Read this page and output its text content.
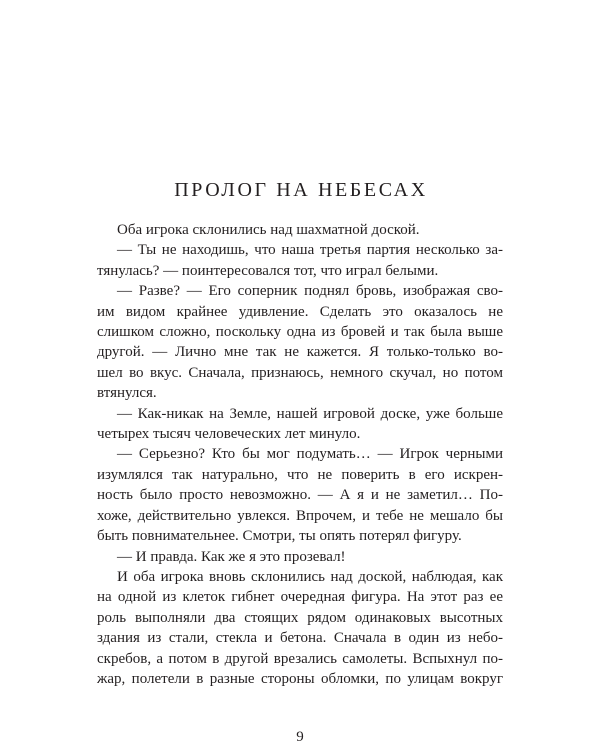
ПРОЛОГ НА НЕБЕСАХ
Оба игрока склонились над шахматной доской.
— Ты не находишь, что наша третья партия несколько за-
тянулась? — поинтересовался тот, что играл белыми.
— Разве? — Его соперник поднял бровь, изображая сво-
им видом крайнее удивление. Сделать это оказалось не
слишком сложно, поскольку одна из бровей и так была выше
другой. — Лично мне так не кажется. Я только-только во-
шел во вкус. Сначала, признаюсь, немного скучал, но потом
втянулся.
— Как-никак на Земле, нашей игровой доске, уже больше
четырех тысяч человеческих лет минуло.
— Серьезно? Кто бы мог подумать… — Игрок черными
изумлялся так натурально, что не поверить в его искрен-
ность было просто невозможно. — А я и не заметил… По-
хоже, действительно увлекся. Впрочем, и тебе не мешало бы
быть повнимательнее. Смотри, ты опять потерял фигуру.
— И правда. Как же я это прозевал!
И оба игрока вновь склонились над доской, наблюдая, как
на одной из клеток гибнет очередная фигура. На этот раз ее
роль выполняли два стоящих рядом одинаковых высотных
здания из стали, стекла и бетона. Сначала в один из небо-
скребов, а потом в другой врезались самолеты. Вспыхнул по-
жар, полетели в разные стороны обломки, по улицам вокруг
9
